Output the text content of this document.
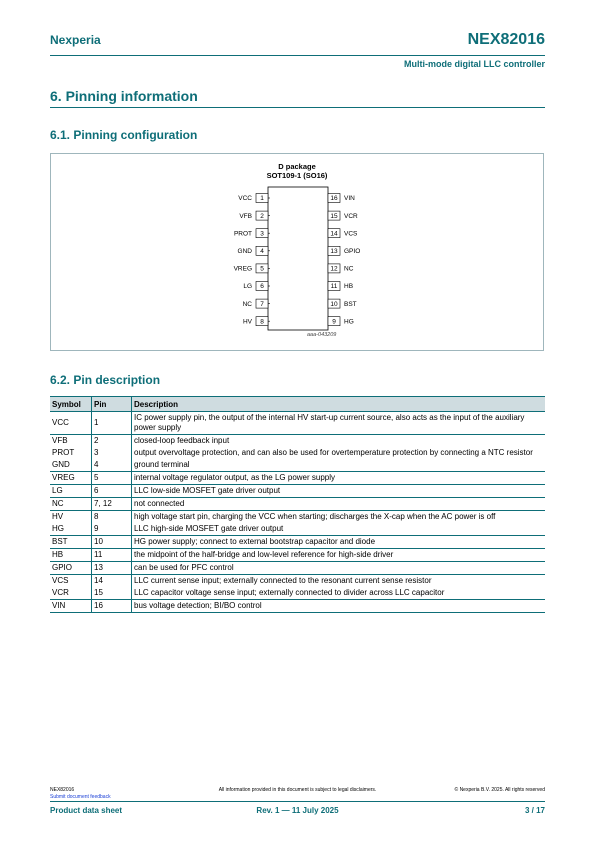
Nexperia	NEX82016
Multi-mode digital LLC controller
6. Pinning information
6.1. Pinning configuration
D package
SOT109-1 (SO16)
1
VCC
2
VFB
3
PROT
4
GND
5
VREG
6
LG
7
NC
8
HV
16 VIN
15 VCR
14 VCS
13 GPIO
12 NC
11 HB
10 BST
9 HG
aaa-043209
6.2. Pin description
Symbol	Pin	Description
VCC	1	IC power supply pin, the output of the internal HV start-up current source, also acts as the input of the auxiliary power supply
VFB	2	closed-loop feedback input
PROT	3	output overvoltage protection, and can also be used for overtemperature protection by connecting a NTC resistor
GND	4	ground terminal
VREG	5	internal voltage regulator output, as the LG power supply
LG	6	LLC low-side MOSFET gate driver output
NC	7, 12	not connected
HV	8	high voltage start pin, charging the VCC when starting; discharges the X-cap when the AC power is off
HG	9	LLC high-side MOSFET gate driver output
BST	10	HG power supply; connect to external bootstrap capacitor and diode
HB	11	the midpoint of the half-bridge and low-level reference for high-side driver
GPIO	13	can be used for PFC control
VCS	14	LLC current sense input; externally connected to the resonant current sense resistor
VCR	15	LLC capacitor voltage sense input; externally connected to divider across LLC capacitor
VIN	16	bus voltage detection; BI/BO control
NEX82016
Submit document feedback
All information provided in this document is subject to legal disclaimers.	© Nexperia B.V. 2025. All rights reserved
Product data sheet	Rev. 1 — 11 July 2025	3 / 17
